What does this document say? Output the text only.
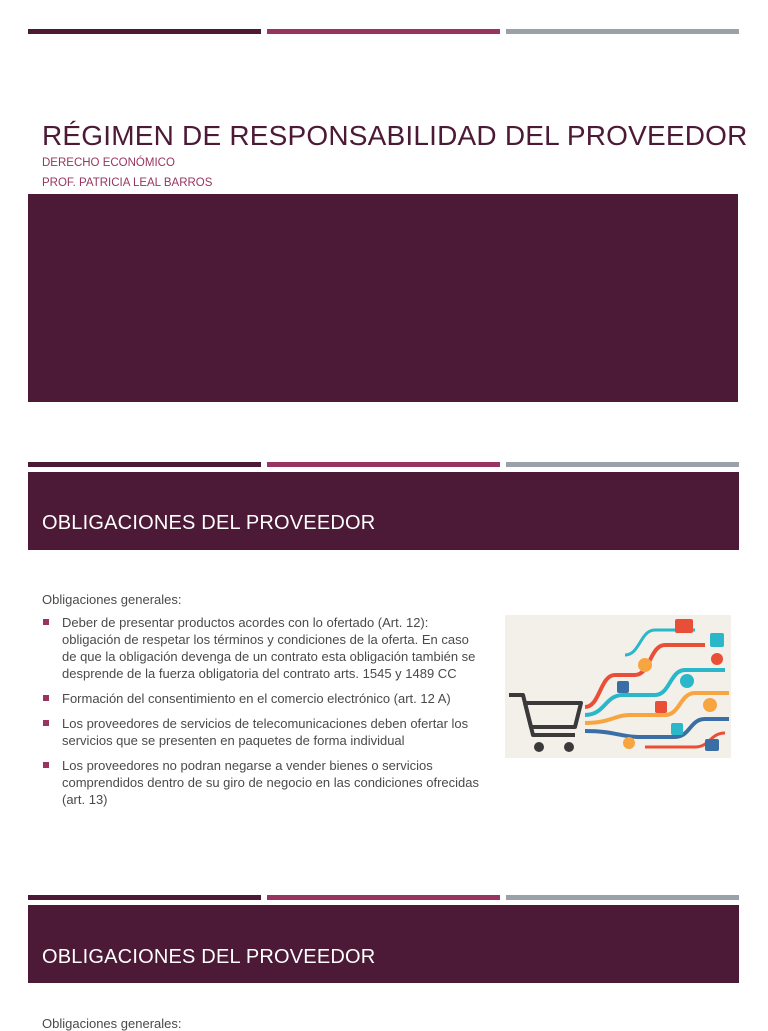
RÉGIMEN DE RESPONSABILIDAD DEL PROVEEDOR
DERECHO ECONÓMICO
PROF. PATRICIA LEAL BARROS
OBLIGACIONES DEL PROVEEDOR
Obligaciones generales:
Deber de presentar productos acordes con lo ofertado (Art. 12): obligación de respetar los términos y condiciones de la oferta. En caso de que la obligación devenga de un contrato esta obligación también se desprende de la fuerza obligatoria del contrato arts. 1545 y 1489 CC
Formación del consentimiento en el comercio electrónico (art. 12 A)
Los proveedores de servicios de telecomunicaciones deben ofertar los servicios que se presenten en paquetes de forma individual
Los proveedores no podran negarse a vender bienes o servicios comprendidos dentro de su giro de negocio en las condiciones ofrecidas (art. 13)
OBLIGACIONES DEL PROVEEDOR
Obligaciones generales:
